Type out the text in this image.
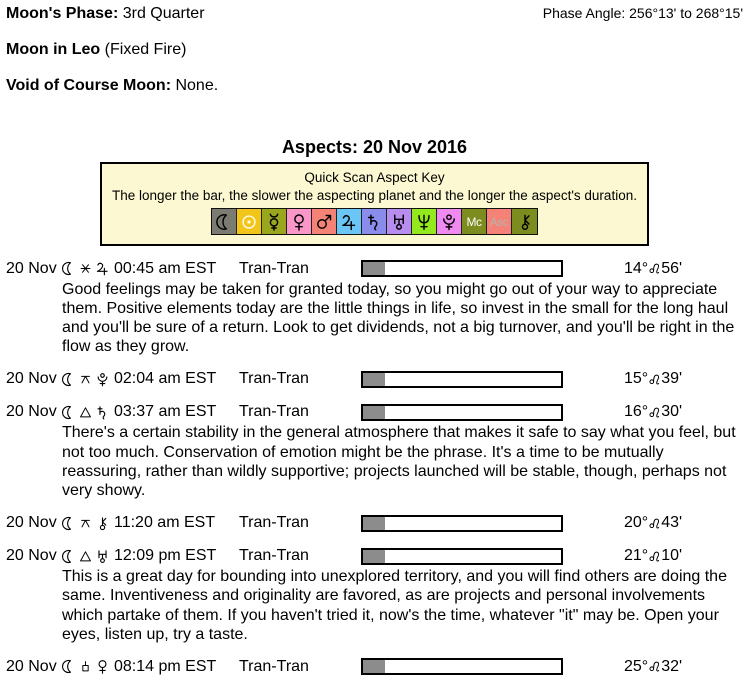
Moon's Phase: 3rd Quarter	Phase Angle: 256°13' to 268°15'
Moon in Leo (Fixed Fire)
Void of Course Moon: None.
Aspects: 20 Nov 2016
Quick Scan Aspect Key
The longer the bar, the slower the aspecting planet and the longer the aspect's duration.
Mc Asc
20 Nov	00:45 am EST	Tran-Tran	14° 56'
Good feelings may be taken for granted today, so you might go out of your way to appreciate them. Positive elements today are the little things in life, so invest in the small for the long haul and you'll be sure of a return. Look to get dividends, not a big turnover, and you'll be right in the flow as they grow.
20 Nov	02:04 am EST	Tran-Tran	15° 39'
20 Nov	03:37 am EST	Tran-Tran	16° 30'
There's a certain stability in the general atmosphere that makes it safe to say what you feel, but not too much. Conservation of emotion might be the phrase. It's a time to be mutually reassuring, rather than wildly supportive; projects launched will be stable, though, perhaps not very showy.
20 Nov	11:20 am EST	Tran-Tran	20° 43'
20 Nov	12:09 pm EST	Tran-Tran	21° 10'
This is a great day for bounding into unexplored territory, and you will find others are doing the same. Inventiveness and originality are favored, as are projects and personal involvements which partake of them. If you haven't tried it, now's the time, whatever "it" may be. Open your eyes, listen up, try a taste.
20 Nov	08:14 pm EST	Tran-Tran	25° 32'
